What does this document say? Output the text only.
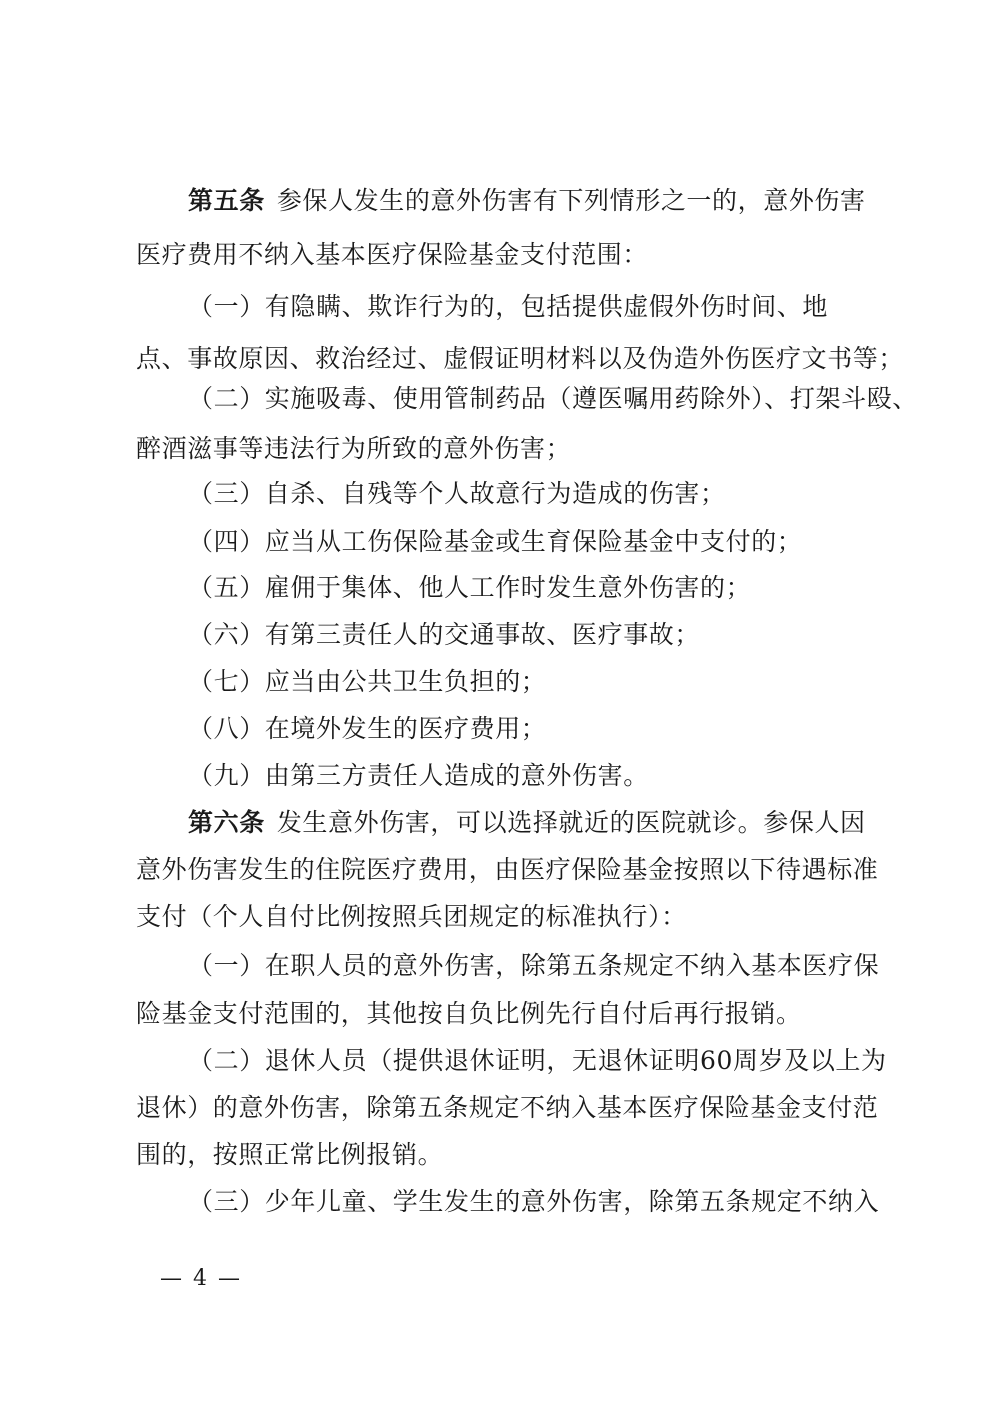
第五条 参保人发生的意外伤害有下列情形之一的，意外伤害
医疗费用不纳入基本医疗保险基金支付范围：
（一）有隐瞒、欺诈行为的，包括提供虚假外伤时间、地
点、事故原因、救治经过、虚假证明材料以及伪造外伤医疗文书等；
（二）实施吸毒、使用管制药品（遵医嘱用药除外）、打架斗殴、
醉酒滋事等违法行为所致的意外伤害；
（三）自杀、自残等个人故意行为造成的伤害；
（四）应当从工伤保险基金或生育保险基金中支付的；
（五）雇佣于集体、他人工作时发生意外伤害的；
（六）有第三责任人的交通事故、医疗事故；
（七）应当由公共卫生负担的；
（八）在境外发生的医疗费用；
（九）由第三方责任人造成的意外伤害。
第六条 发生意外伤害，可以选择就近的医院就诊。参保人因
意外伤害发生的住院医疗费用，由医疗保险基金按照以下待遇标准
支付（个人自付比例按照兵团规定的标准执行）：
（一）在职人员的意外伤害，除第五条规定不纳入基本医疗保
险基金支付范围的，其他按自负比例先行自付后再行报销。
（二）退休人员（提供退休证明，无退休证明60周岁及以上为
退休）的意外伤害，除第五条规定不纳入基本医疗保险基金支付范
围的，按照正常比例报销。
（三）少年儿童、学生发生的意外伤害，除第五条规定不纳入
— 4 —
